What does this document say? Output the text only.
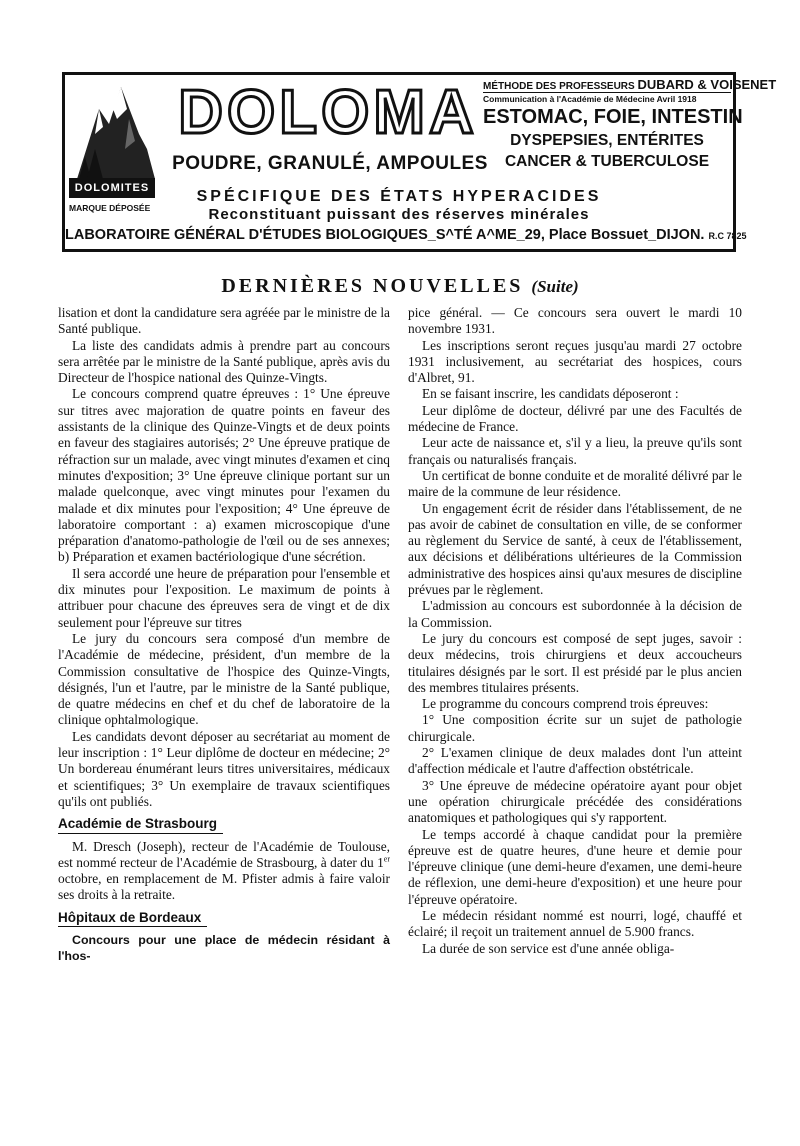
DOLOMITES
MARQUE DÉPOSÉE
DOLOMA
POUDRE, GRANULÉ, AMPOULES
MÉTHODE DES PROFESSEURS DUBARD & VOISENET
Communication à l'Académie de Médecine Avril 1918
ESTOMAC, FOIE, INTESTIN
DYSPEPSIES, ENTÉRITES
CANCER & TUBERCULOSE
SPÉCIFIQUE DES ÉTATS HYPERACIDES
Reconstituant puissant des réserves minérales
LABORATOIRE GÉNÉRAL D'ÉTUDES BIOLOGIQUES_S^TÉ A^ME_29, Place Bossuet_DIJON. R.C 7825
DERNIÈRES NOUVELLES (Suite)

lisation et dont la candidature sera agréée par le ministre de la Santé publique.

La liste des candidats admis à prendre part au concours sera arrêtée par le ministre de la Santé publique, après avis du Directeur de l'hospice national des Quinze-Vingts.

Le concours comprend quatre épreuves : 1° Une épreuve sur titres avec majoration de quatre points en faveur des assistants de la clinique des Quinze-Vingts et de deux points en faveur des stagiaires autorisés; 2° Une épreuve pratique de réfraction sur un malade, avec vingt minutes d'examen et cinq minutes d'exposition; 3° Une épreuve clinique portant sur un malade quelconque, avec vingt minutes pour l'examen du malade et dix minutes pour l'exposition; 4° Une épreuve de laboratoire comportant : a) examen microscopique d'une préparation d'anatomo-pathologie de l'œil ou de ses annexes; b) Préparation et examen bactériologique d'une sécrétion.

Il sera accordé une heure de préparation pour l'ensemble et dix minutes pour l'exposition. Le maximum de points à attribuer pour chacune des épreuves sera de vingt et de dix seulement pour l'épreuve sur titres

Le jury du concours sera composé d'un membre de l'Académie de médecine, président, d'un membre de la Commission consultative de l'hospice des Quinze-Vingts, désignés, l'un et l'autre, par le ministre de la Santé publique, de quatre médecins en chef et du chef de laboratoire de la clinique ophtalmologique.

Les candidats devont déposer au secrétariat au moment de leur inscription : 1° Leur diplôme de docteur en médecine; 2° Un bordereau énumérant leurs titres universitaires, médicaux et scientifiques; 3° Un exemplaire de travaux scientifiques qu'ils ont publiés.

Académie de Strasbourg

M. Dresch (Joseph), recteur de l'Académie de Toulouse, est nommé recteur de l'Académie de Strasbourg, à dater du 1er octobre, en remplacement de M. Pfister admis à faire valoir ses droits à la retraite.

Hôpitaux de Bordeaux

Concours pour une place de médecin résidant à l'hos-

pice général. — Ce concours sera ouvert le mardi 10 novembre 1931.

Les inscriptions seront reçues jusqu'au mardi 27 octobre 1931 inclusivement, au secrétariat des hospices, cours d'Albret, 91.

En se faisant inscrire, les candidats déposeront :

Leur diplôme de docteur, délivré par une des Facultés de médecine de France.

Leur acte de naissance et, s'il y a lieu, la preuve qu'ils sont français ou naturalisés français.

Un certificat de bonne conduite et de moralité délivré par le maire de la commune de leur résidence.

Un engagement écrit de résider dans l'établissement, de ne pas avoir de cabinet de consultation en ville, de se conformer au règlement du Service de santé, à ceux de l'établissement, aux décisions et délibérations ultérieures de la Commission administrative des hospices ainsi qu'aux mesures de discipline prévues par le règlement.

L'admission au concours est subordonnée à la décision de la Commission.

Le jury du concours est composé de sept juges, savoir : deux médecins, trois chirurgiens et deux accoucheurs titulaires désignés par le sort. Il est présidé par le plus ancien des membres titulaires présents.

Le programme du concours comprend trois épreuves:

1° Une composition écrite sur un sujet de pathologie chirurgicale.

2° L'examen clinique de deux malades dont l'un atteint d'affection médicale et l'autre d'affection obstétricale.

3° Une épreuve de médecine opératoire ayant pour objet une opération chirurgicale précédée des considérations anatomiques et pathologiques qui s'y rapportent.

Le temps accordé à chaque candidat pour la première épreuve est de quatre heures, d'une heure et demie pour l'épreuve clinique (une demi-heure d'examen, une demi-heure de réflexion, une demi-heure d'exposition) et une heure pour l'épreuve opératoire.

Le médecin résidant nommé est nourri, logé, chauffé et éclairé; il reçoit un traitement annuel de 5.900 francs.

La durée de son service est d'une année obliga-
